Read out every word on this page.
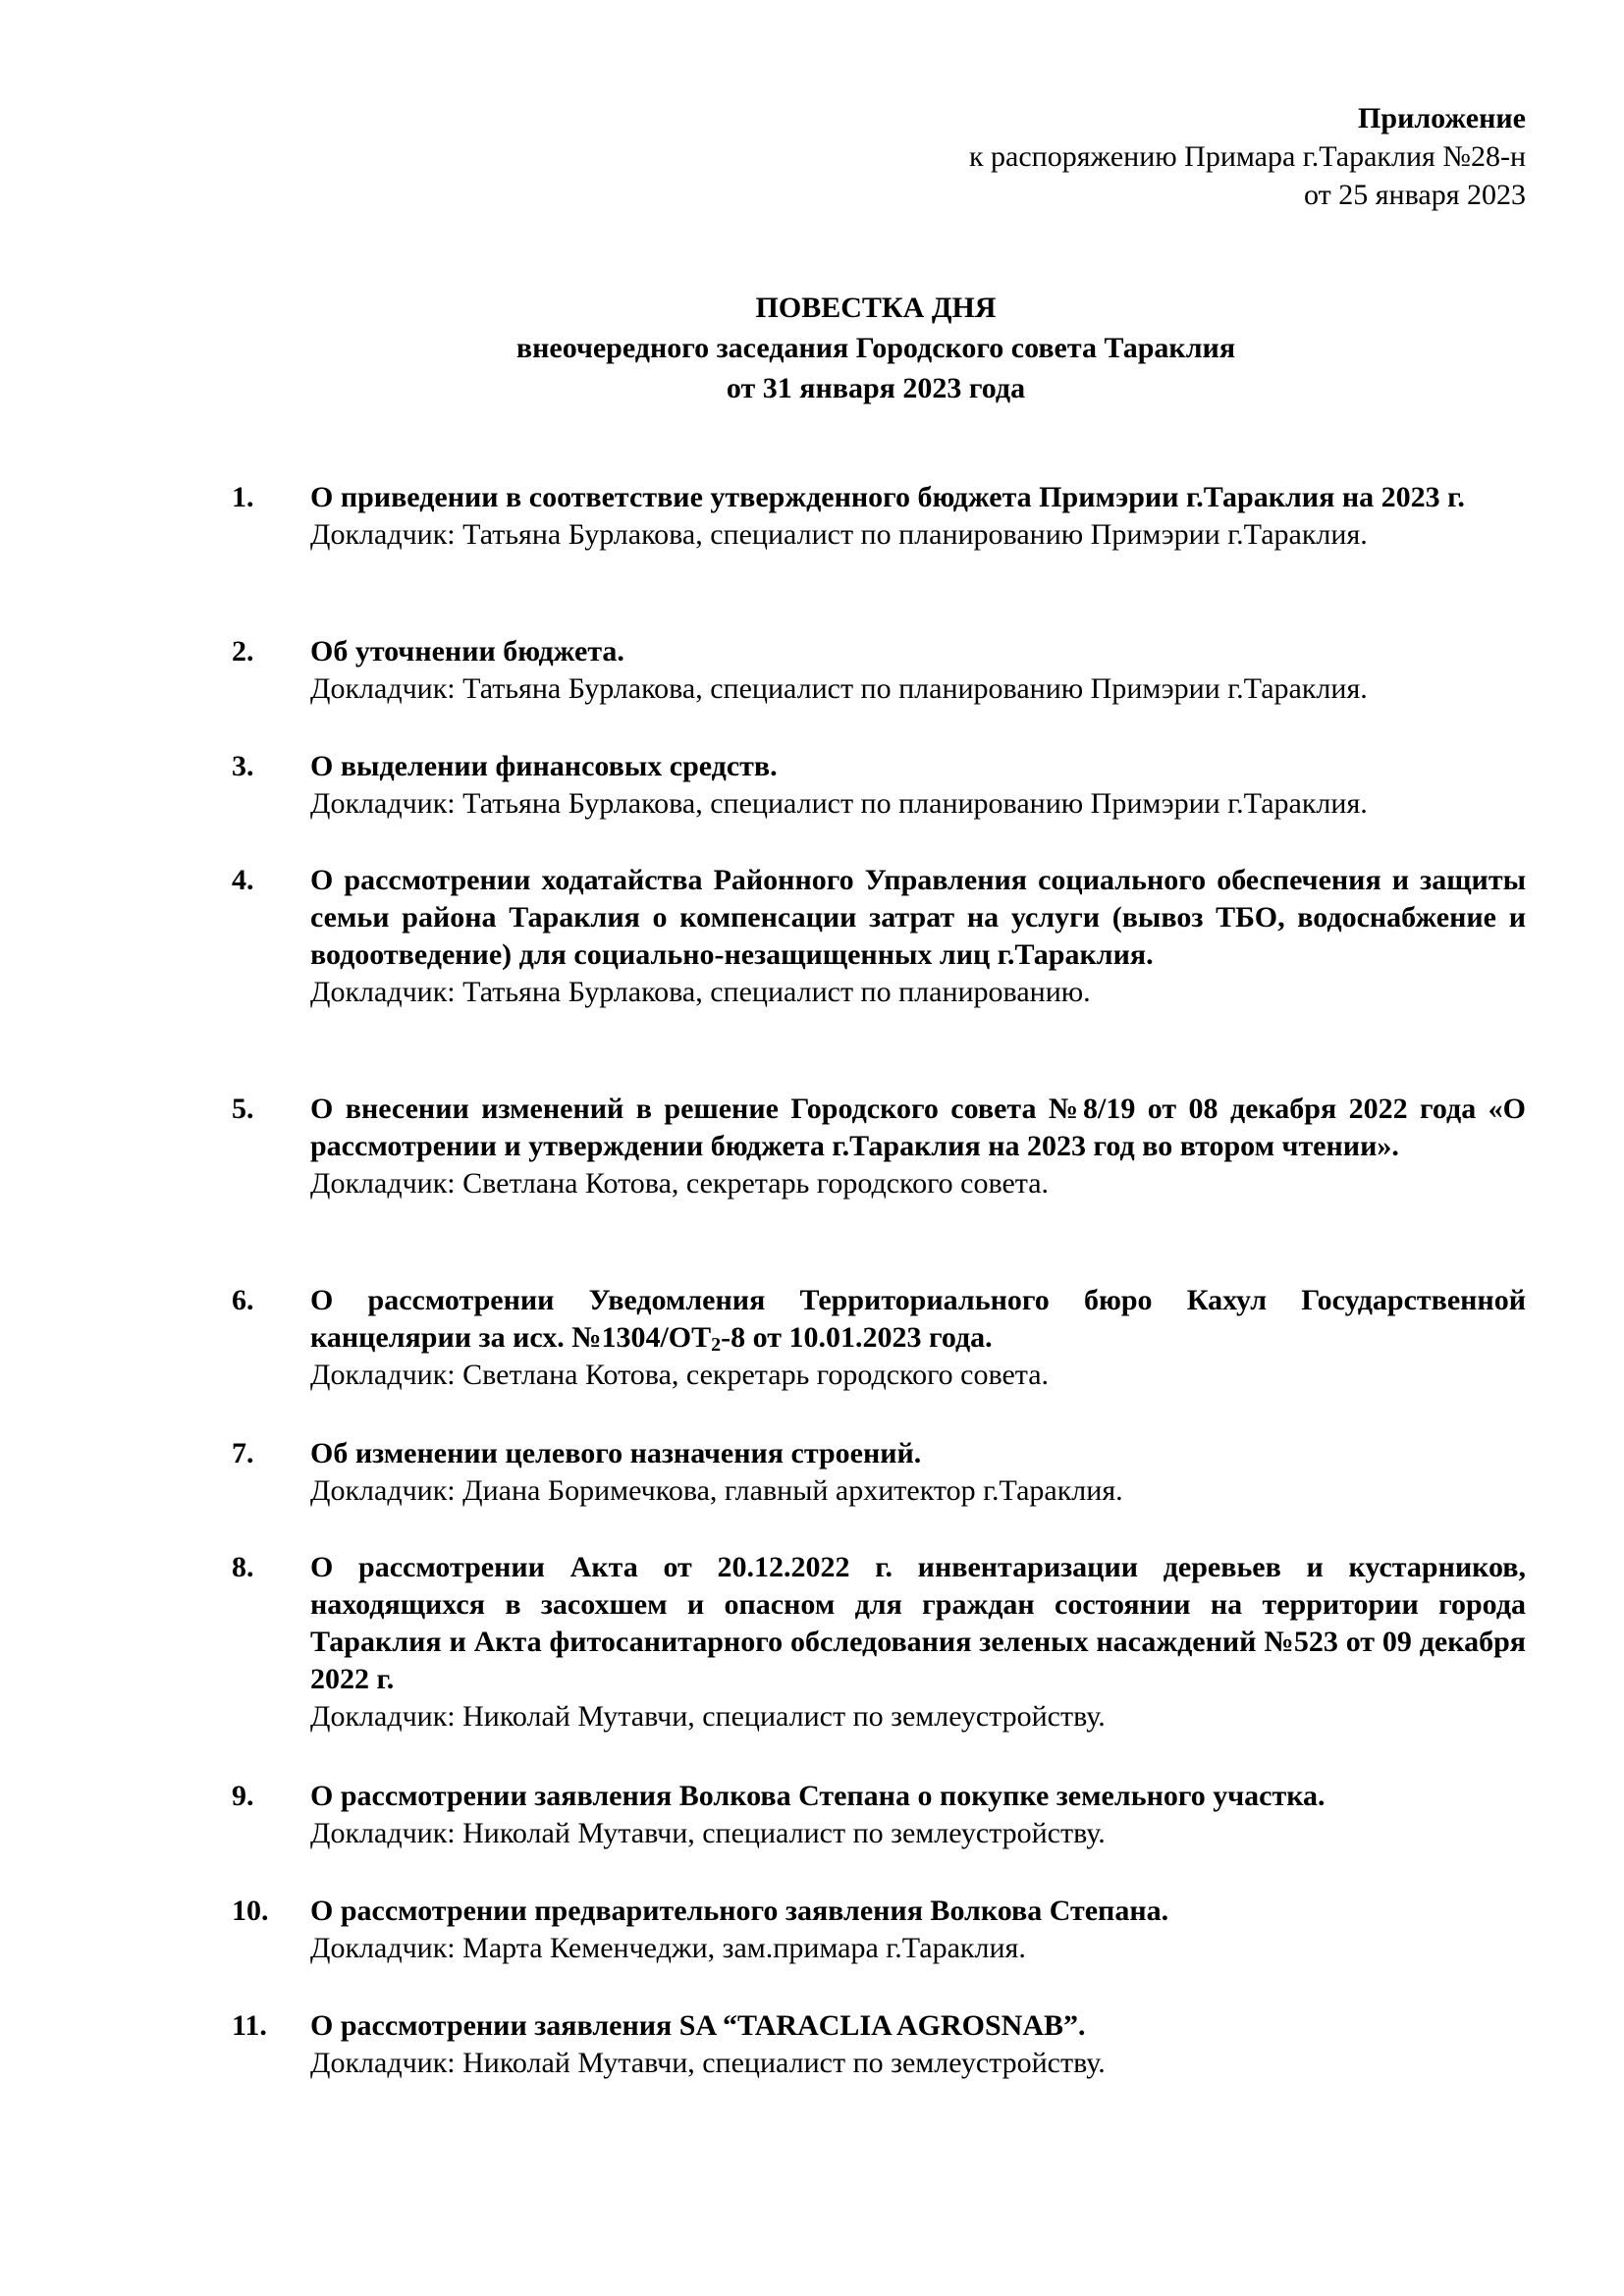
Приложение
к распоряжению Примара г.Тараклия №28-н
от 25 января 2023
ПОВЕСТКА ДНЯ
внеочередного заседания Городского совета Тараклия
от 31 января 2023 года
1. О приведении в соответствие утвержденного бюджета Примэрии г.Тараклия на 2023 г.
Докладчик: Татьяна Бурлакова, специалист по планированию Примэрии г.Тараклия.
2. Об уточнении бюджета.
Докладчик: Татьяна Бурлакова, специалист по планированию Примэрии г.Тараклия.
3. О выделении финансовых средств.
Докладчик: Татьяна Бурлакова, специалист по планированию Примэрии г.Тараклия.
4. О рассмотрении ходатайства Районного Управления социального обеспечения и защиты семьи района Тараклия о компенсации затрат на услуги (вывоз ТБО, водоснабжение и водоотведение) для социально-незащищенных лиц г.Тараклия.
Докладчик: Татьяна Бурлакова, специалист по планированию.
5. О внесении изменений в решение Городского совета №8/19 от 08 декабря 2022 года «О рассмотрении и утверждении бюджета г.Тараклия на 2023 год во втором чтении».
Докладчик: Светлана Котова, секретарь городского совета.
6. О рассмотрении Уведомления Территориального бюро Кахул Государственной канцелярии за исх. $№1304/ОТ_2-8$ от 10.01.2023 года.
Докладчик: Светлана Котова, секретарь городского совета.
7. Об изменении целевого назначения строений.
Докладчик: Диана Боримечкова, главный архитектор г.Тараклия.
8. О рассмотрении Акта от 20.12.2022 г. инвентаризации деревьев и кустарников, находящихся в засохшем и опасном для граждан состоянии на территории города Тараклия и Акта фитосанитарного обследования зеленых насаждений №523 от 09 декабря 2022 г.
Докладчик: Николай Мутавчи, специалист по землеустройству.
9. О рассмотрении заявления Волкова Степана о покупке земельного участка.
Докладчик: Николай Мутавчи, специалист по землеустройству.
10. О рассмотрении предварительного заявления Волкова Степана.
Докладчик: Марта Кеменчеджи, зам.примара г.Тараклия.
11. О рассмотрении заявления SA “TARACLIA AGROSNAB”.
Докладчик: Николай Мутавчи, специалист по землеустройству.
